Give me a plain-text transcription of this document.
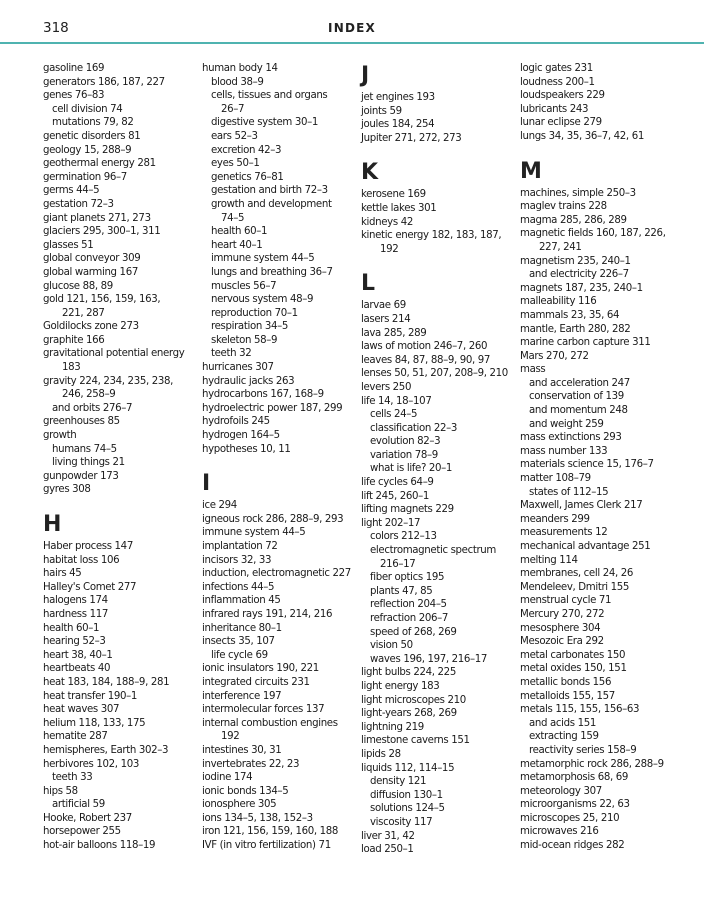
318	INDEX
gasoline 169
generators 186, 187, 227
genes 76–83
cell division 74
mutations 79, 82
genetic disorders 81
geology 15, 288–9
geothermal energy 281
germination 96–7
germs 44–5
gestation 72–3
giant planets 271, 273
glaciers 295, 300–1, 311
glasses 51
global conveyor 309
global warming 167
glucose 88, 89
gold 121, 156, 159, 163,
221, 287
Goldilocks zone 273
graphite 166
gravitational potential energy
183
gravity 224, 234, 235, 238,
246, 258–9
and orbits 276–7
greenhouses 85
growth
humans 74–5
living things 21
gunpowder 173
gyres 308
H
Haber process 147
habitat loss 106
hairs 45
Halley's Comet 277
halogens 174
hardness 117
health 60–1
hearing 52–3
heart 38, 40–1
heartbeats 40
heat 183, 184, 188–9, 281
heat transfer 190–1
heat waves 307
helium 118, 133, 175
hematite 287
hemispheres, Earth 302–3
herbivores 102, 103
teeth 33
hips 58
artificial 59
Hooke, Robert 237
horsepower 255
hot-air balloons 118–19
human body 14
blood 38–9
cells, tissues and organs
26–7
digestive system 30–1
ears 52–3
excretion 42–3
eyes 50–1
genetics 76–81
gestation and birth 72–3
growth and development
74–5
health 60–1
heart 40–1
immune system 44–5
lungs and breathing 36–7
muscles 56–7
nervous system 48–9
reproduction 70–1
respiration 34–5
skeleton 58–9
teeth 32
hurricanes 307
hydraulic jacks 263
hydrocarbons 167, 168–9
hydroelectric power 187, 299
hydrofoils 245
hydrogen 164–5
hypotheses 10, 11
I
ice 294
igneous rock 286, 288–9, 293
immune system 44–5
implantation 72
incisors 32, 33
induction, electromagnetic 227
infections 44–5
inflammation 45
infrared rays 191, 214, 216
inheritance 80–1
insects 35, 107
life cycle 69
ionic insulators 190, 221
integrated circuits 231
interference 197
intermolecular forces 137
internal combustion engines
192
intestines 30, 31
invertebrates 22, 23
iodine 174
ionic bonds 134–5
ionosphere 305
ions 134–5, 138, 152–3
iron 121, 156, 159, 160, 188
IVF (in vitro fertilization) 71
J
jet engines 193
joints 59
joules 184, 254
Jupiter 271, 272, 273
K
kerosene 169
kettle lakes 301
kidneys 42
kinetic energy 182, 183, 187,
192
L
larvae 69
lasers 214
lava 285, 289
laws of motion 246–7, 260
leaves 84, 87, 88–9, 90, 97
lenses 50, 51, 207, 208–9, 210
levers 250
life 14, 18–107
cells 24–5
classification 22–3
evolution 82–3
variation 78–9
what is life? 20–1
life cycles 64–9
lift 245, 260–1
lifting magnets 229
light 202–17
colors 212–13
electromagnetic spectrum
216–17
fiber optics 195
plants 47, 85
reflection 204–5
refraction 206–7
speed of 268, 269
vision 50
waves 196, 197, 216–17
light bulbs 224, 225
light energy 183
light microscopes 210
light-years 268, 269
lightning 219
limestone caverns 151
lipids 28
liquids 112, 114–15
density 121
diffusion 130–1
solutions 124–5
viscosity 117
liver 31, 42
load 250–1
logic gates 231
loudness 200–1
loudspeakers 229
lubricants 243
lunar eclipse 279
lungs 34, 35, 36–7, 42, 61
M
machines, simple 250–3
maglev trains 228
magma 285, 286, 289
magnetic fields 160, 187, 226,
227, 241
magnetism 235, 240–1
and electricity 226–7
magnets 187, 235, 240–1
malleability 116
mammals 23, 35, 64
mantle, Earth 280, 282
marine carbon capture 311
Mars 270, 272
mass
and acceleration 247
conservation of 139
and momentum 248
and weight 259
mass extinctions 293
mass number 133
materials science 15, 176–7
matter 108–79
states of 112–15
Maxwell, James Clerk 217
meanders 299
measurements 12
mechanical advantage 251
melting 114
membranes, cell 24, 26
Mendeleev, Dmitri 155
menstrual cycle 71
Mercury 270, 272
mesosphere 304
Mesozoic Era 292
metal carbonates 150
metal oxides 150, 151
metallic bonds 156
metalloids 155, 157
metals 115, 155, 156–63
and acids 151
extracting 159
reactivity series 158–9
metamorphic rock 286, 288–9
metamorphosis 68, 69
meteorology 307
microorganisms 22, 63
microscopes 25, 210
microwaves 216
mid-ocean ridges 282
